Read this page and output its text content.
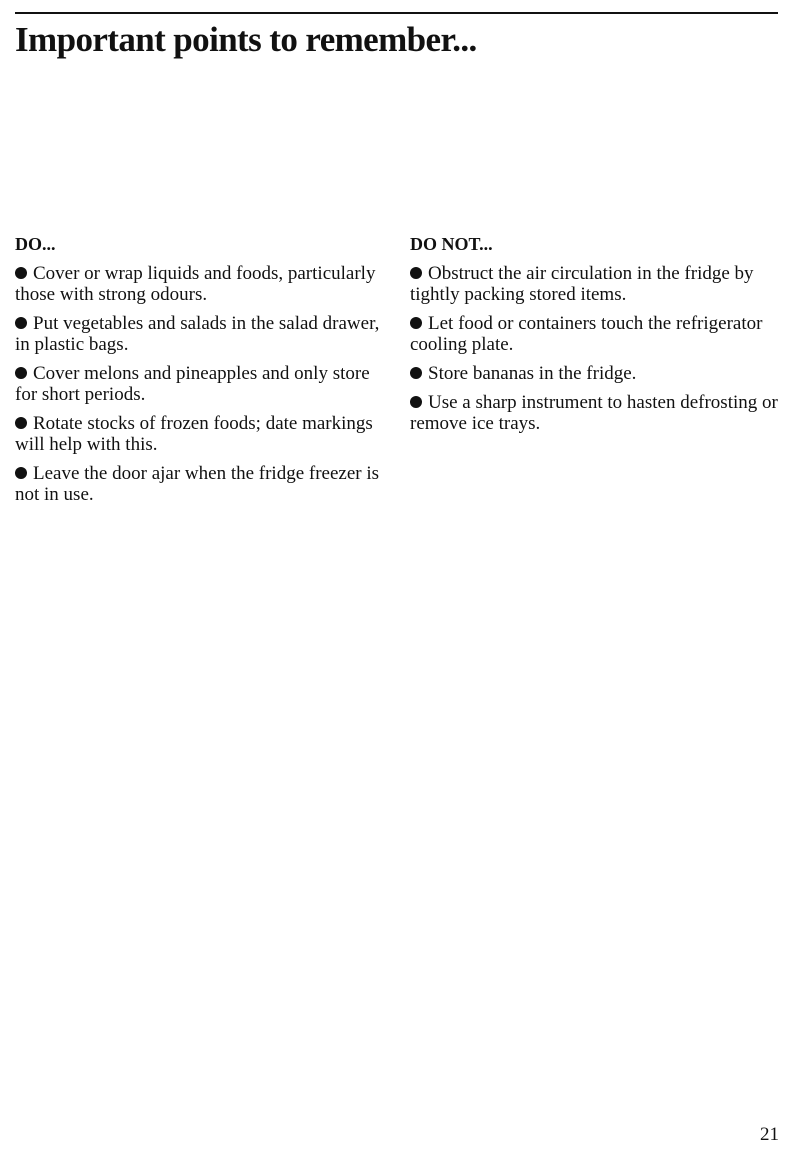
Important points to remember...
DO...
Cover or wrap liquids and foods, particularly those with strong odours.
Put vegetables and salads in the salad drawer, in plastic bags.
Cover melons and pineapples and only store for short periods.
Rotate stocks of frozen foods; date markings will help with this.
Leave the door ajar when the fridge freezer is not in use.
DO NOT...
Obstruct the air circulation in the fridge by tightly packing stored items.
Let food or containers touch the refrigerator cooling plate.
Store bananas in the fridge.
Use a sharp instrument to hasten defrosting or remove ice trays.
21
